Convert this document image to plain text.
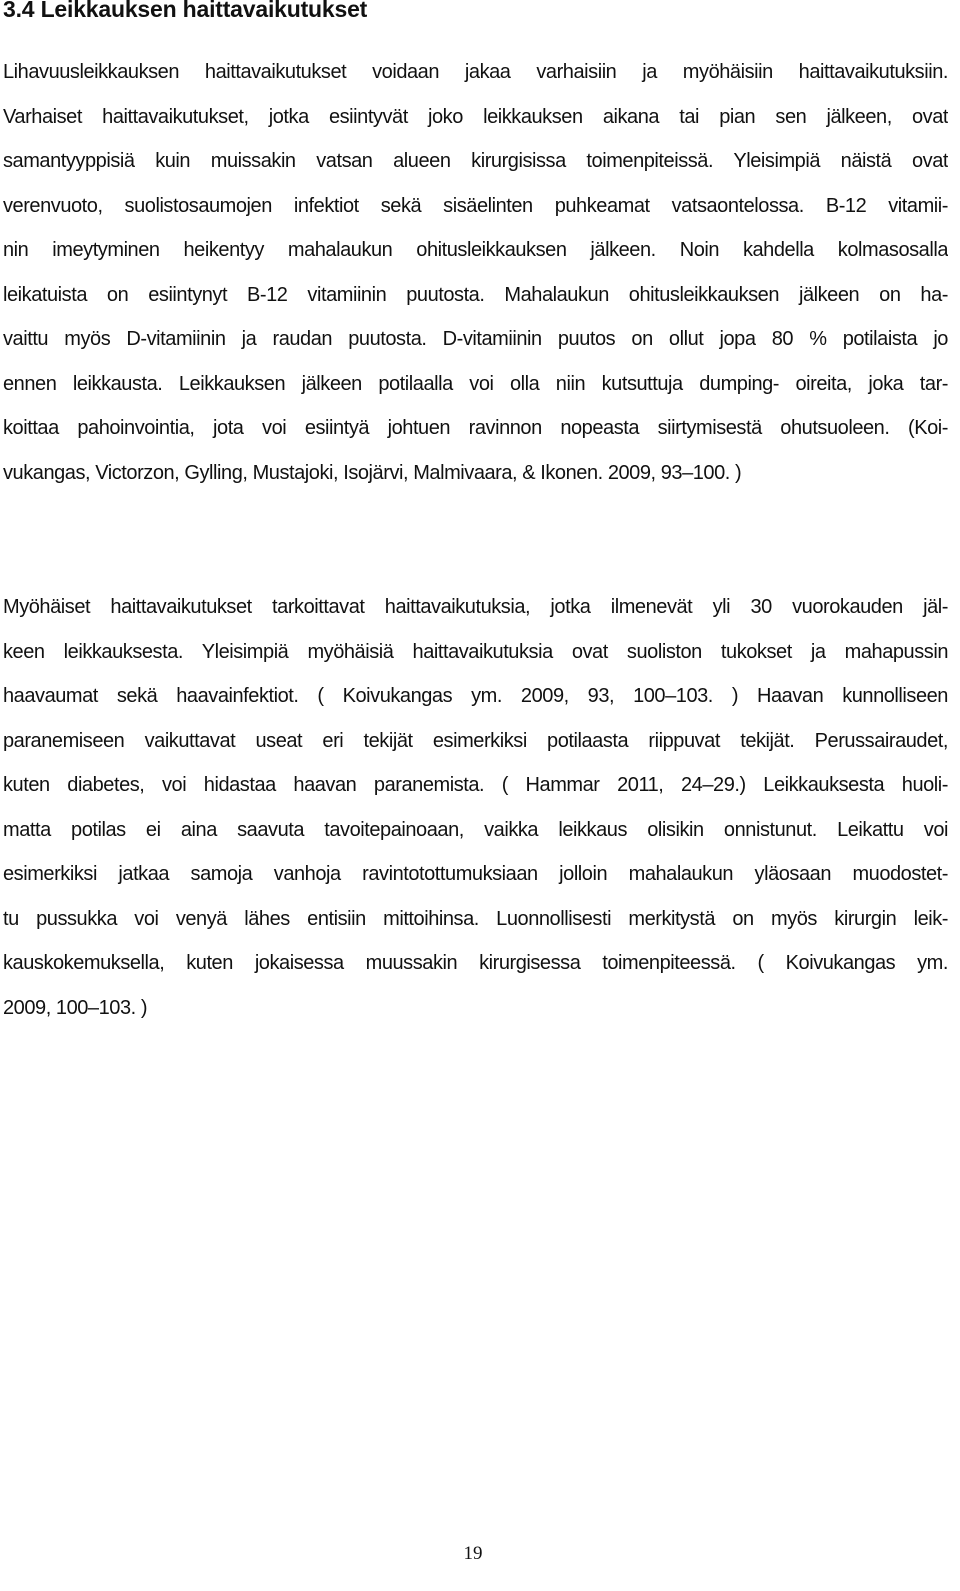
3.4 Leikkauksen haittavaikutukset
Lihavuusleikkauksen haittavaikutukset voidaan jakaa varhaisiin ja myöhäisiin haittavaikutuksiin.
Varhaiset haittavaikutukset, jotka esiintyvät joko leikkauksen aikana tai pian sen jälkeen, ovat
samantyyppisiä kuin muissakin vatsan alueen kirurgisissa toimenpiteissä. Yleisimpiä näistä ovat
verenvuoto, suolistosaumojen infektiot sekä sisäelinten puhkeamat vatsaontelossa. B-12 vitamii-
nin imeytyminen heikentyy mahalaukun ohitusleikkauksen jälkeen. Noin kahdella kolmasosalla
leikatuista on esiintynyt B-12 vitamiinin puutosta. Mahalaukun ohitusleikkauksen jälkeen on ha-
vaittu myös D-vitamiinin ja raudan puutosta. D-vitamiinin puutos on ollut jopa 80 % potilaista jo
ennen leikkausta. Leikkauksen jälkeen potilaalla voi olla niin kutsuttuja dumping- oireita, joka tar-
koittaa pahoinvointia, jota voi esiintyä johtuen ravinnon nopeasta siirtymisestä ohutsuoleen. (Koi-
vukangas, Victorzon, Gylling, Mustajoki, Isojärvi, Malmivaara, & Ikonen. 2009, 93–100. )
Myöhäiset haittavaikutukset tarkoittavat haittavaikutuksia, jotka ilmenevät yli 30 vuorokauden jäl-
keen leikkauksesta. Yleisimpiä myöhäisiä haittavaikutuksia ovat suoliston tukokset ja mahapussin
haavaumat sekä haavainfektiot. ( Koivukangas ym. 2009, 93, 100–103. ) Haavan kunnolliseen
paranemiseen vaikuttavat useat eri tekijät esimerkiksi potilaasta riippuvat tekijät. Perussairaudet,
kuten diabetes, voi hidastaa haavan paranemista. ( Hammar 2011, 24–29.) Leikkauksesta huoli-
matta potilas ei aina saavuta tavoitepainoaan, vaikka leikkaus olisikin onnistunut. Leikattu voi
esimerkiksi jatkaa samoja vanhoja ravintotottumuksiaan jolloin mahalaukun yläosaan muodostet-
tu pussukka voi venyä lähes entisiin mittoihinsa. Luonnollisesti merkitystä on myös kirurgin leik-
kauskokemuksella, kuten jokaisessa muussakin kirurgisessa toimenpiteessä. ( Koivukangas ym.
2009, 100–103. )
19
